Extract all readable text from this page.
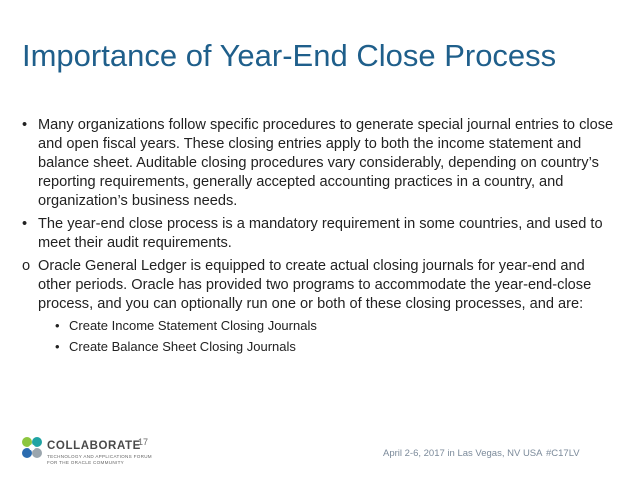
Importance of Year-End Close Process
• Many organizations follow specific procedures to generate special journal entries to close and open fiscal years. These closing entries apply to both the income statement and balance sheet. Auditable closing procedures vary considerably, depending on country’s reporting requirements, generally accepted accounting practices in a country, and organization’s business needs.
• The year-end close process is a mandatory requirement in some countries, and used to meet their audit requirements.
o Oracle General Ledger is equipped to create actual closing journals for year-end and other periods. Oracle has provided two programs to accommodate the year-end-close process, and you can optionally run one or both of these closing processes, and are:
• Create Income Statement Closing Journals
• Create Balance Sheet Closing Journals
COLLABORATE
17
TECHNOLOGY AND APPLICATIONS FORUM
FOR THE ORACLE COMMUNITY
April 2-6, 2017 in Las Vegas, NV USA #C17LV
